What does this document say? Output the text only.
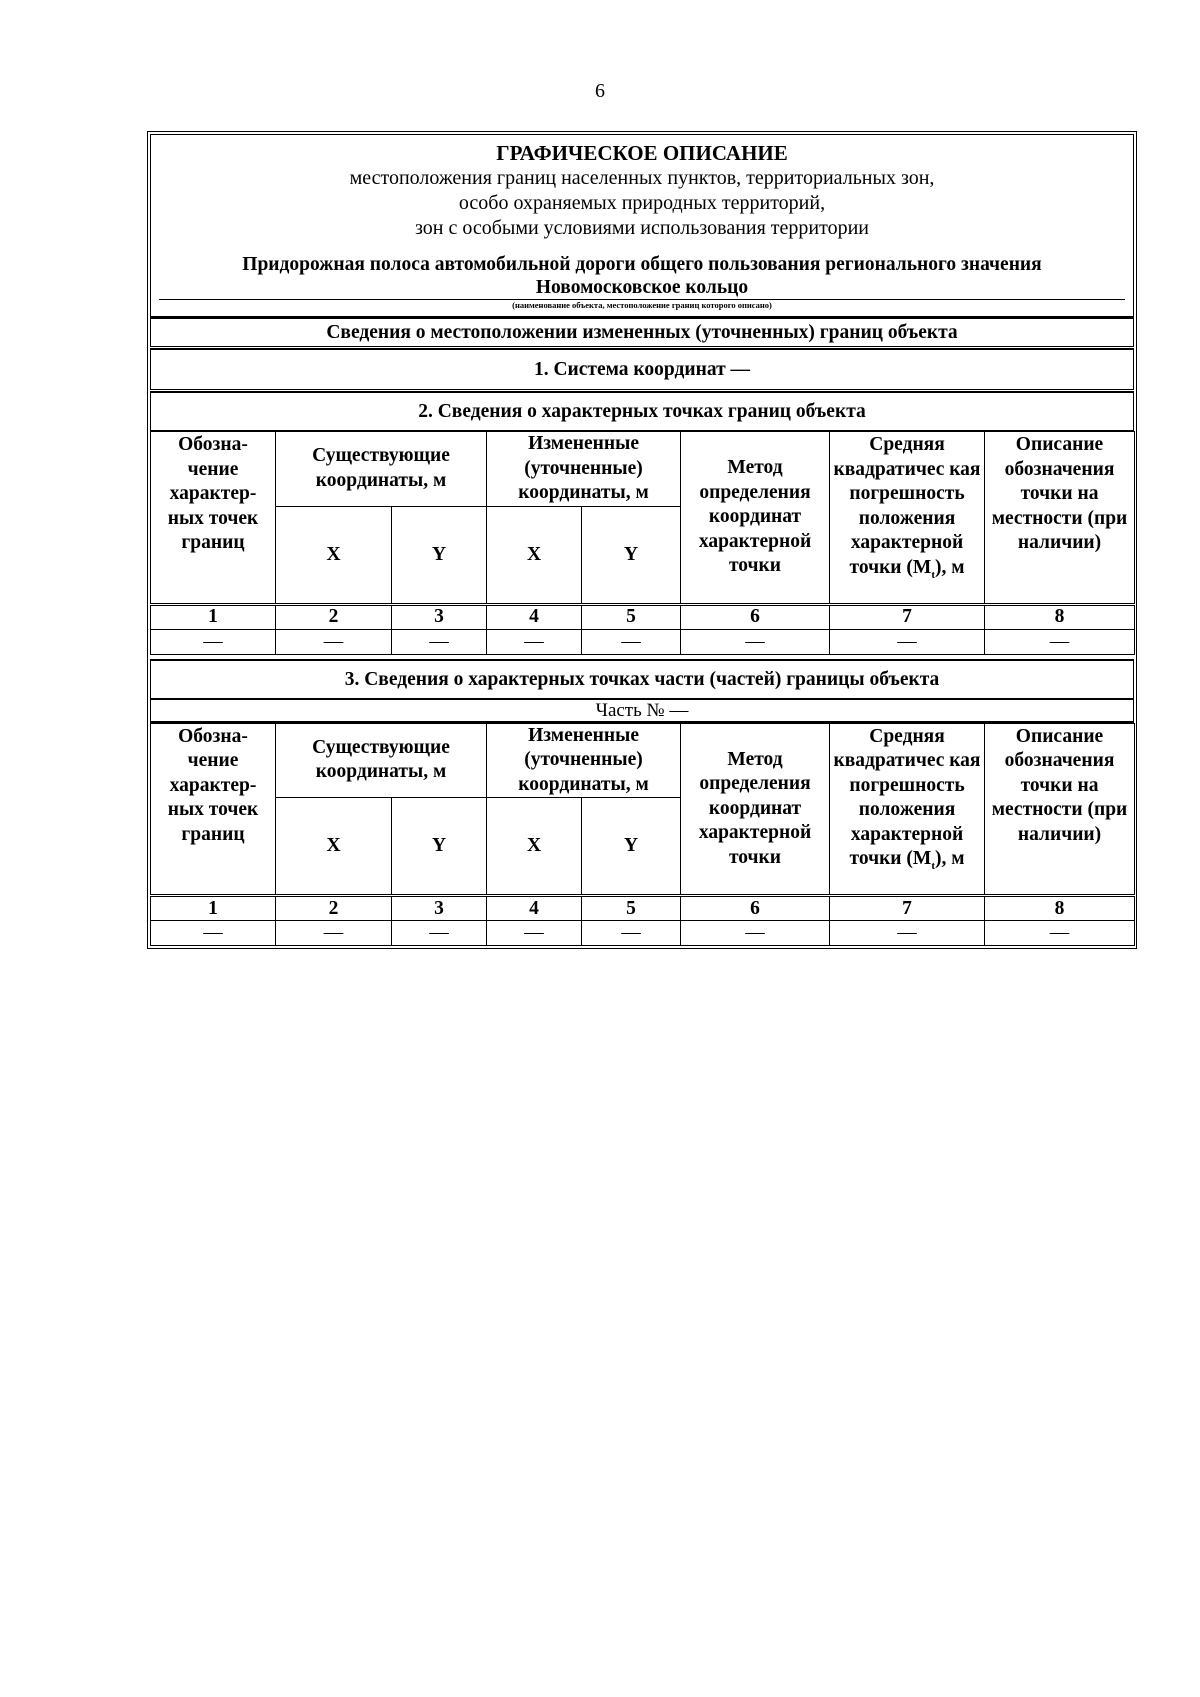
6
ГРАФИЧЕСКОЕ ОПИСАНИЕ
местоположения границ населенных пунктов, территориальных зон,
особо охраняемых природных территорий,
зон с особыми условиями использования территории
Придорожная полоса автомобильной дороги общего пользования регионального значения
Новомосковское кольцо
(наименование объекта, местоположение границ которого описано)
Сведения о местоположении измененных (уточненных) границ объекта
1. Система координат —
2. Сведения о характерных точках границ объекта
Обозна- чение характер- ных точек границ	Существующие координаты, м		Измененные (уточненные) координаты, м		Метод определения координат характерной точки	Средняя квадратичес кая погрешность положения характерной точки $(M_t)$, м	Описание обозначения точки на местности (при наличии)
	X	Y	X	Y			
1	2	3	4	5	6	7	8
—	—	—	—	—	—	—	—
3. Сведения о характерных точках части (частей) границы объекта
Часть № —
Обозна- чение характер- ных точек границ	Существующие координаты, м		Измененные (уточненные) координаты, м		Метод определения координат характерной точки	Средняя квадратичес кая погрешность положения характерной точки $(M_t)$, м	Описание обозначения точки на местности (при наличии)
	X	Y	X	Y			
1	2	3	4	5	6	7	8
—	—	—	—	—	—	—	—
